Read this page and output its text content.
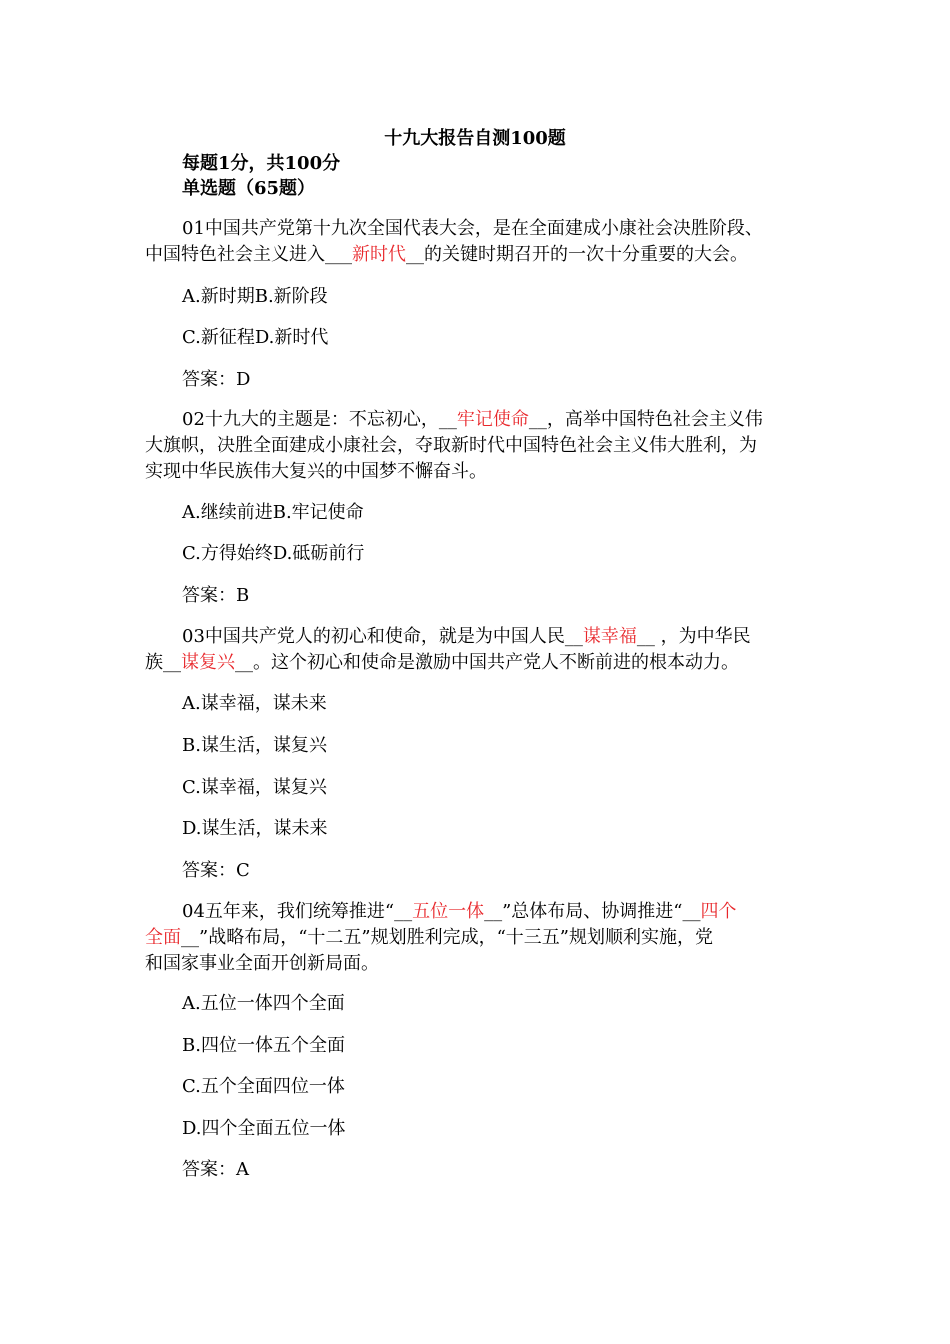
十九大报告自测100题
每题1分，共100分
单选题（65题）
01中国共产党第十九次全国代表大会，是在全面建成小康社会决胜阶段、
中国特色社会主义进入___新时代__的关键时期召开的一次十分重要的大会。
A.新时期B.新阶段
C.新征程D.新时代
答案：D
02十九大的主题是：不忘初心，__牢记使命__，高举中国特色社会主义伟
大旗帜，决胜全面建成小康社会，夺取新时代中国特色社会主义伟大胜利，为
实现中华民族伟大复兴的中国梦不懈奋斗。
A.继续前进B.牢记使命
C.方得始终D.砥砺前行
答案：B
03中国共产党人的初心和使命，就是为中国人民__谋幸福__ ，为中华民
族__谋复兴__。这个初心和使命是激励中国共产党人不断前进的根本动力。
A.谋幸福，谋未来
B.谋生活，谋复兴
C.谋幸福，谋复兴
D.谋生活，谋未来
答案：C
04五年来，我们统筹推进“__五位一体__”总体布局、协调推进“__四个
全面__”战略布局，“十二五”规划胜利完成，“十三五”规划顺利实施，党
和国家事业全面开创新局面。
A.五位一体四个全面
B.四位一体五个全面
C.五个全面四位一体
D.四个全面五位一体
答案：A
